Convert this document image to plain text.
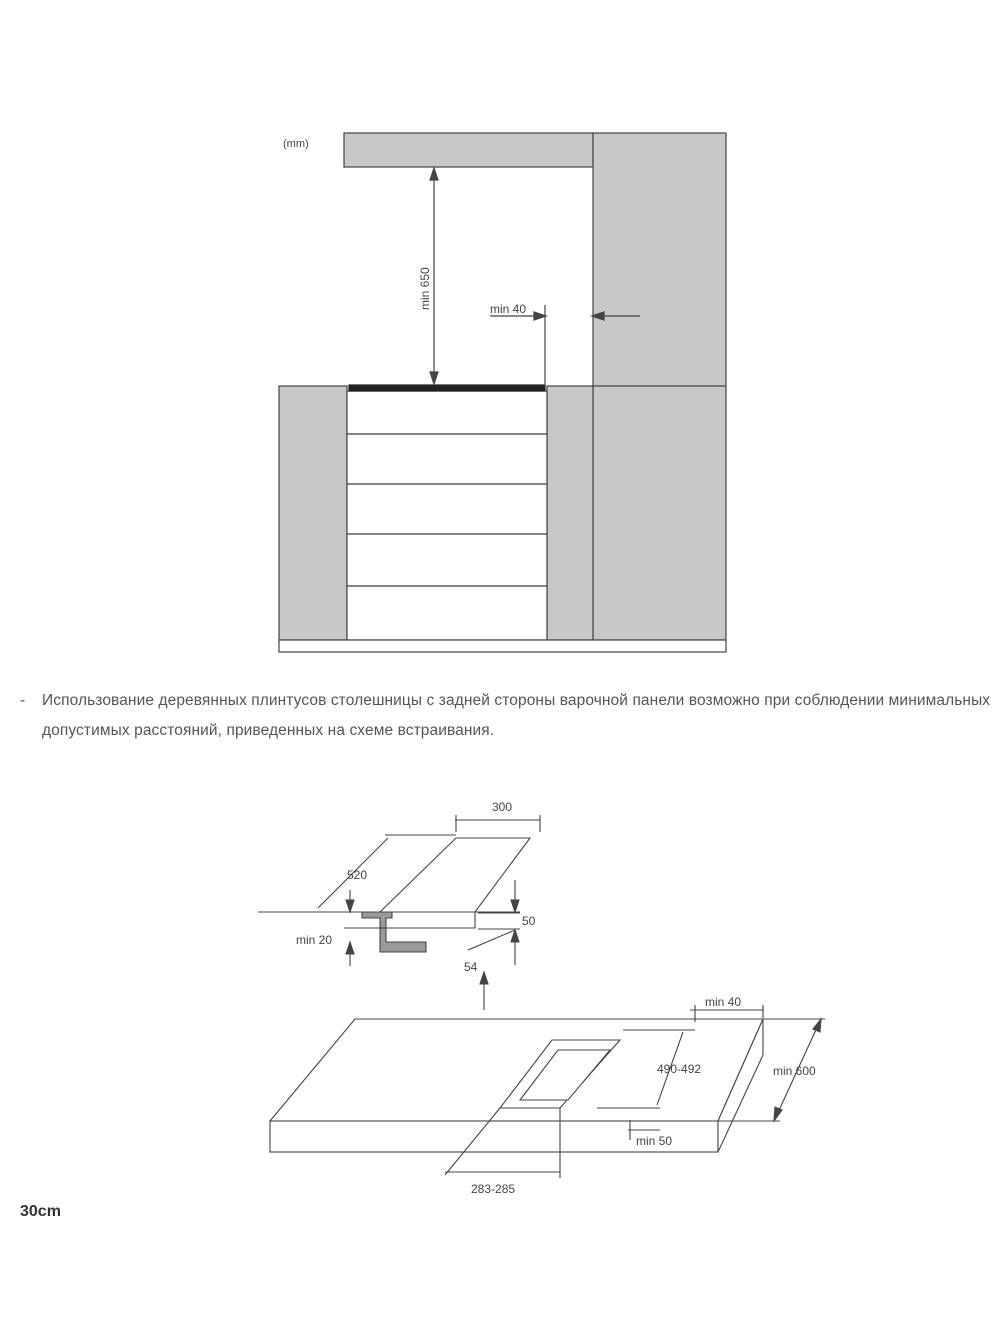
(mm)
min 650	min 40
300
520
50
min 20
54
min 40
490-492	min 600
min 50
283-285
-	Использование деревянных плинтусов столешницы с задней стороны варочной панели возможно при соблюдении минимальных допустимых расстояний, приведенных на схеме встраивания.
30cm
